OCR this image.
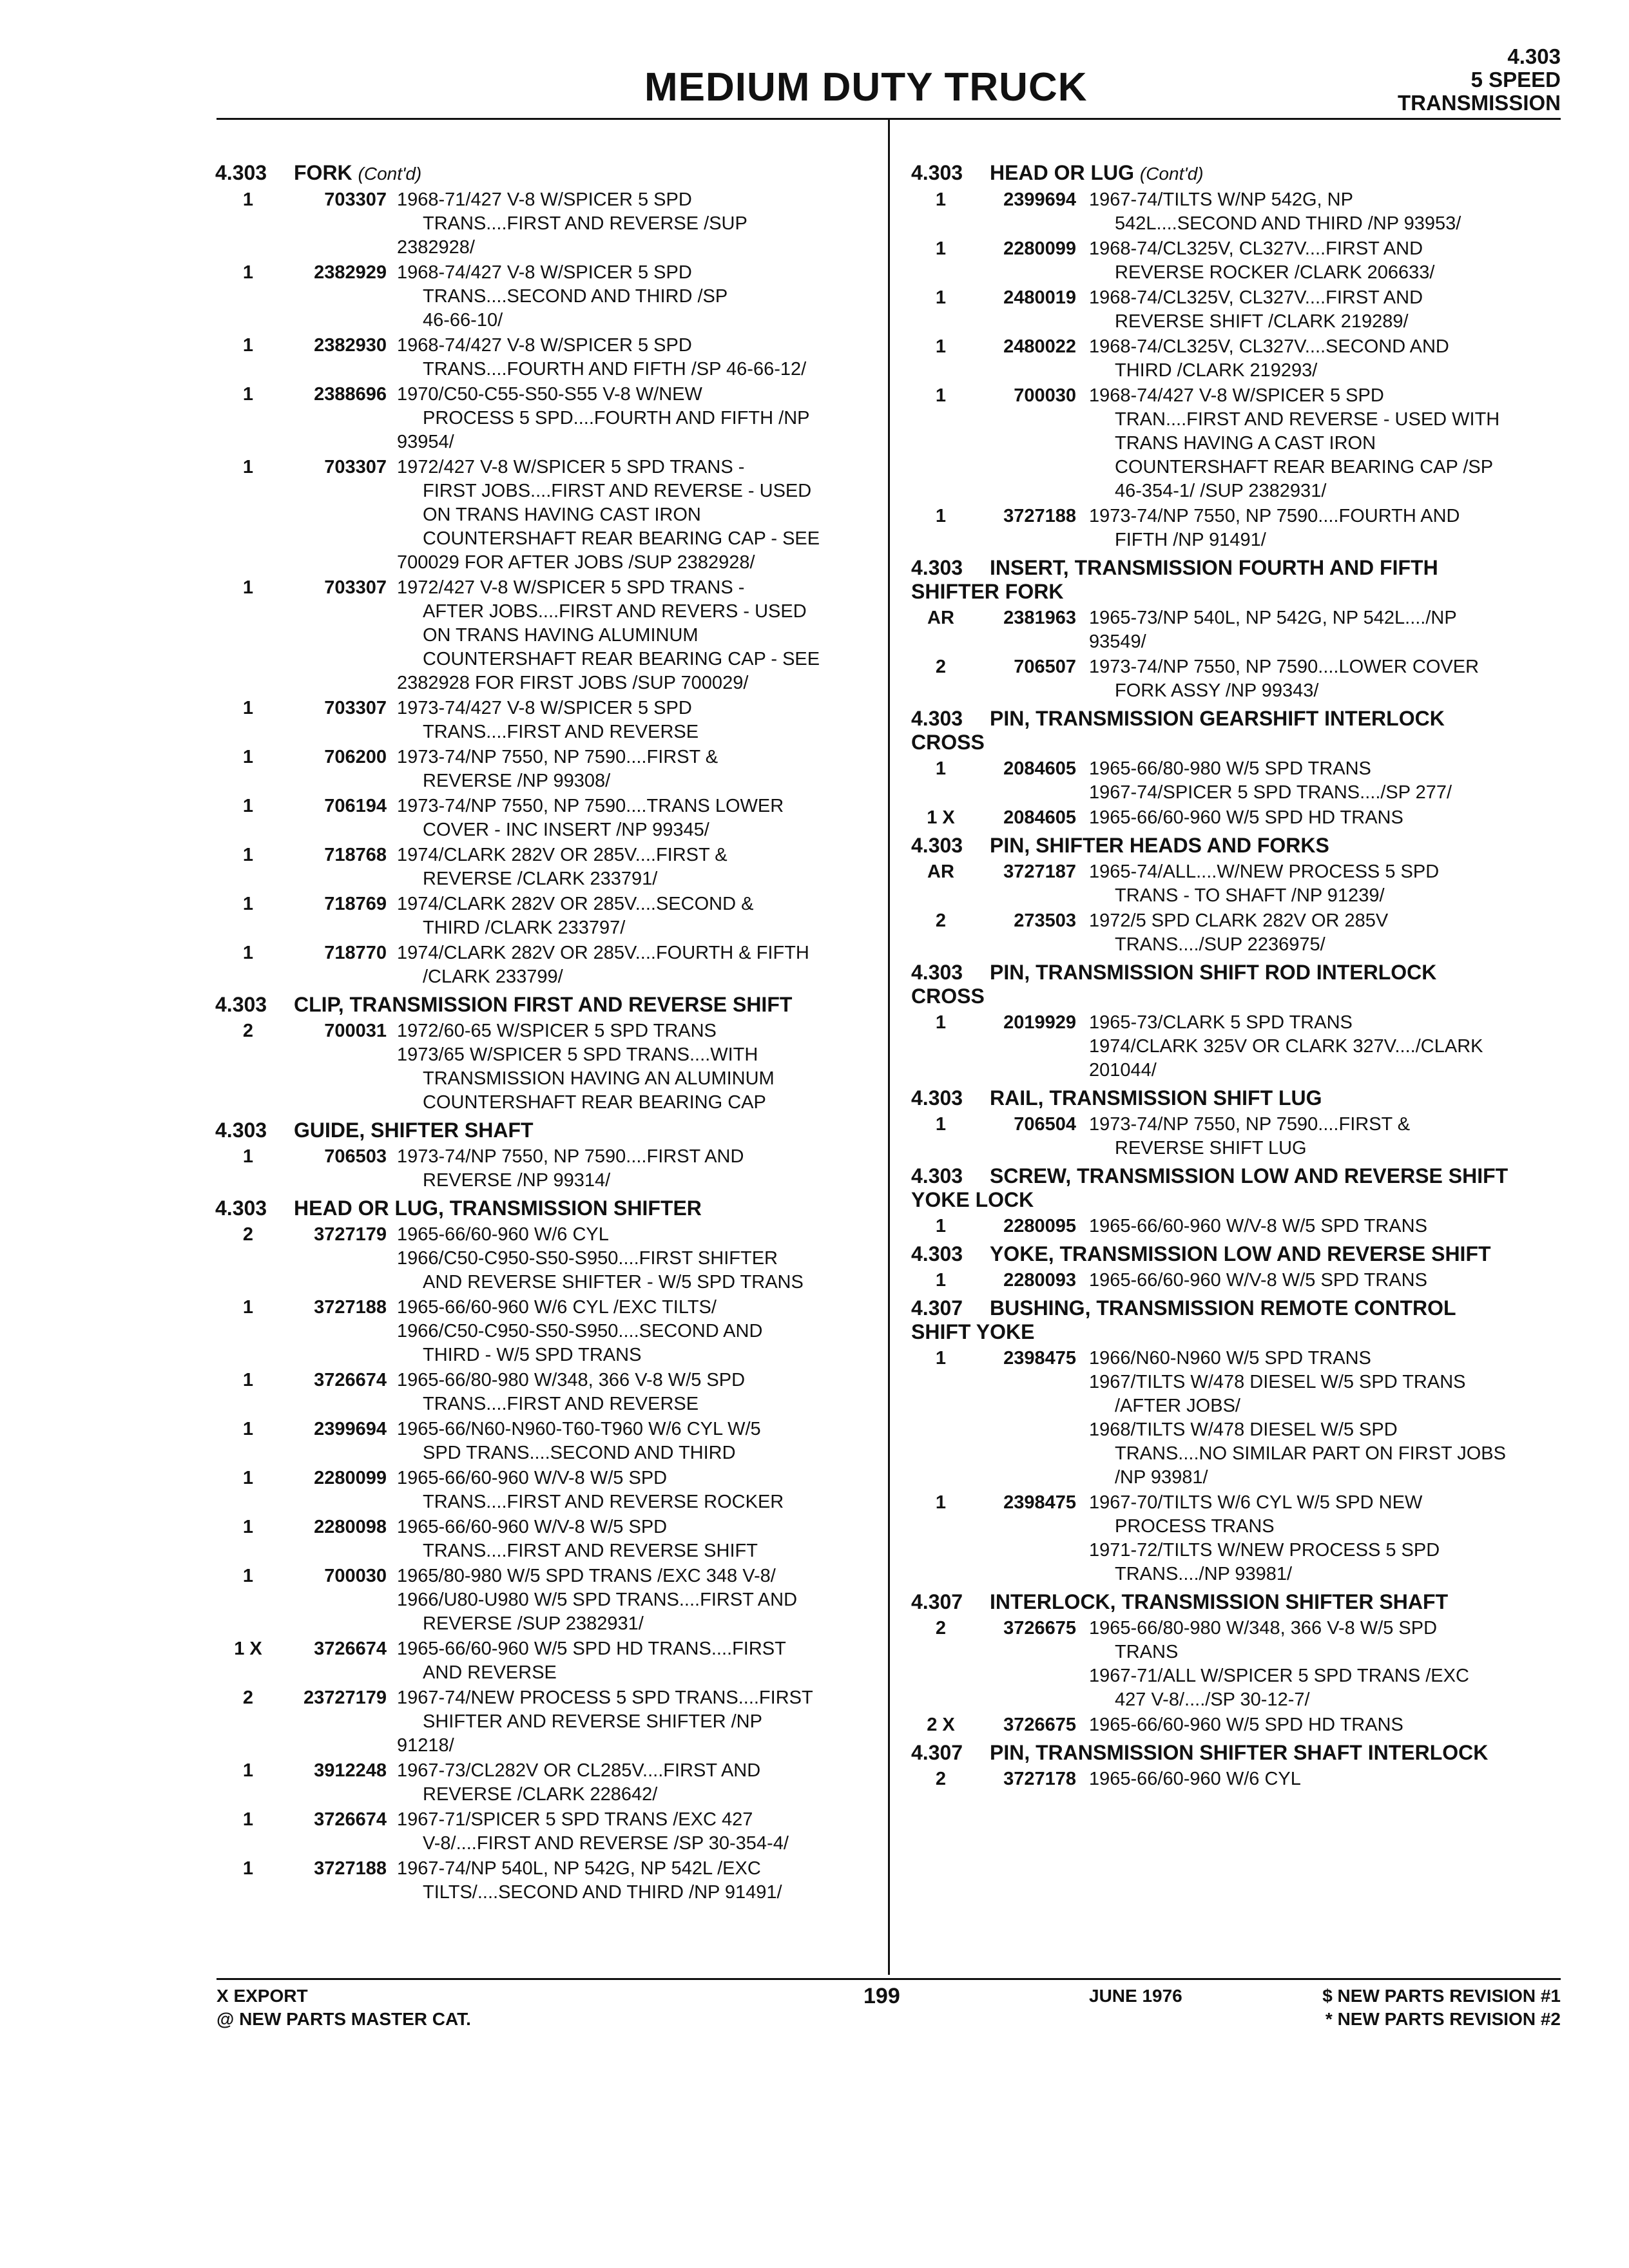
MEDIUM DUTY TRUCK
4.303
5 SPEED
TRANSMISSION
4.303 FORK (Cont'd)
1	703307 1968-71/427 V-8 W/SPICER 5 SPD
TRANS....FIRST AND REVERSE /SUP
2382928/
1	2382929 1968-74/427 V-8 W/SPICER 5 SPD
TRANS....SECOND AND THIRD /SP
46-66-10/
1	2382930 1968-74/427 V-8 W/SPICER 5 SPD
TRANS....FOURTH AND FIFTH /SP 46-66-12/
1	2388696 1970/C50-C55-S50-S55 V-8 W/NEW
PROCESS 5 SPD....FOURTH AND FIFTH /NP
93954/
1	703307 1972/427 V-8 W/SPICER 5 SPD TRANS -
FIRST JOBS....FIRST AND REVERSE - USED
ON TRANS HAVING CAST IRON
COUNTERSHAFT REAR BEARING CAP - SEE
700029 FOR AFTER JOBS /SUP 2382928/
1	703307 1972/427 V-8 W/SPICER 5 SPD TRANS -
AFTER JOBS....FIRST AND REVERS - USED
ON TRANS HAVING ALUMINUM
COUNTERSHAFT REAR BEARING CAP - SEE
2382928 FOR FIRST JOBS /SUP 700029/
1	703307 1973-74/427 V-8 W/SPICER 5 SPD
TRANS....FIRST AND REVERSE
1	706200 1973-74/NP 7550, NP 7590....FIRST &
REVERSE /NP 99308/
1	706194 1973-74/NP 7550, NP 7590....TRANS LOWER
COVER - INC INSERT /NP 99345/
1	718768 1974/CLARK 282V OR 285V....FIRST &
REVERSE /CLARK 233791/
1	718769 1974/CLARK 282V OR 285V....SECOND &
THIRD /CLARK 233797/
1	718770 1974/CLARK 282V OR 285V....FOURTH & FIFTH
/CLARK 233799/
4.303 CLIP, TRANSMISSION FIRST AND REVERSE SHIFT
2	700031 1972/60-65 W/SPICER 5 SPD TRANS
1973/65 W/SPICER 5 SPD TRANS....WITH
TRANSMISSION HAVING AN ALUMINUM
COUNTERSHAFT REAR BEARING CAP
4.303 GUIDE, SHIFTER SHAFT
1	706503 1973-74/NP 7550, NP 7590....FIRST AND
REVERSE /NP 99314/
4.303 HEAD OR LUG, TRANSMISSION SHIFTER
2	3727179 1965-66/60-960 W/6 CYL
1966/C50-C950-S50-S950....FIRST SHIFTER
AND REVERSE SHIFTER - W/5 SPD TRANS
1	3727188 1965-66/60-960 W/6 CYL /EXC TILTS/
1966/C50-C950-S50-S950....SECOND AND
THIRD - W/5 SPD TRANS
1	3726674 1965-66/80-980 W/348, 366 V-8 W/5 SPD
TRANS....FIRST AND REVERSE
1	2399694 1965-66/N60-N960-T60-T960 W/6 CYL W/5
SPD TRANS....SECOND AND THIRD
1	2280099 1965-66/60-960 W/V-8 W/5 SPD
TRANS....FIRST AND REVERSE ROCKER
1	2280098 1965-66/60-960 W/V-8 W/5 SPD
TRANS....FIRST AND REVERSE SHIFT
1	700030 1965/80-980 W/5 SPD TRANS /EXC 348 V-8/
1966/U80-U980 W/5 SPD TRANS....FIRST AND
REVERSE /SUP 2382931/
1 X	3726674 1965-66/60-960 W/5 SPD HD TRANS....FIRST
AND REVERSE
2	23727179 1967-74/NEW PROCESS 5 SPD TRANS....FIRST
SHIFTER AND REVERSE SHIFTER /NP
91218/
1	3912248 1967-73/CL282V OR CL285V....FIRST AND
REVERSE /CLARK 228642/
1	3726674 1967-71/SPICER 5 SPD TRANS /EXC 427
V-8/....FIRST AND REVERSE /SP 30-354-4/
1	3727188 1967-74/NP 540L, NP 542G, NP 542L /EXC
TILTS/....SECOND AND THIRD /NP 91491/
4.303 HEAD OR LUG (Cont'd)
1	2399694 1967-74/TILTS W/NP 542G, NP
542L....SECOND AND THIRD /NP 93953/
1	2280099 1968-74/CL325V, CL327V....FIRST AND
REVERSE ROCKER /CLARK 206633/
1	2480019 1968-74/CL325V, CL327V....FIRST AND
REVERSE SHIFT /CLARK 219289/
1	2480022 1968-74/CL325V, CL327V....SECOND AND
THIRD /CLARK 219293/
1	700030 1968-74/427 V-8 W/SPICER 5 SPD
TRAN....FIRST AND REVERSE - USED WITH
TRANS HAVING A CAST IRON
COUNTERSHAFT REAR BEARING CAP /SP
46-354-1/ /SUP 2382931/
1	3727188 1973-74/NP 7550, NP 7590....FOURTH AND
FIFTH /NP 91491/
4.303 INSERT, TRANSMISSION FOURTH AND FIFTH
SHIFTER FORK
AR	2381963 1965-73/NP 540L, NP 542G, NP 542L..../NP
93549/
2	706507 1973-74/NP 7550, NP 7590....LOWER COVER
FORK ASSY /NP 99343/
4.303 PIN, TRANSMISSION GEARSHIFT INTERLOCK
CROSS
1	2084605 1965-66/80-980 W/5 SPD TRANS
1967-74/SPICER 5 SPD TRANS..../SP 277/
1 X	2084605 1965-66/60-960 W/5 SPD HD TRANS
4.303 PIN, SHIFTER HEADS AND FORKS
AR	3727187 1965-74/ALL....W/NEW PROCESS 5 SPD
TRANS - TO SHAFT /NP 91239/
2	273503 1972/5 SPD CLARK 282V OR 285V
TRANS..../SUP 2236975/
4.303 PIN, TRANSMISSION SHIFT ROD INTERLOCK
CROSS
1	2019929 1965-73/CLARK 5 SPD TRANS
1974/CLARK 325V OR CLARK 327V..../CLARK
201044/
4.303 RAIL, TRANSMISSION SHIFT LUG
1	706504 1973-74/NP 7550, NP 7590....FIRST &
REVERSE SHIFT LUG
4.303 SCREW, TRANSMISSION LOW AND REVERSE SHIFT
YOKE LOCK
1	2280095 1965-66/60-960 W/V-8 W/5 SPD TRANS
4.303 YOKE, TRANSMISSION LOW AND REVERSE SHIFT
1	2280093 1965-66/60-960 W/V-8 W/5 SPD TRANS
4.307 BUSHING, TRANSMISSION REMOTE CONTROL
SHIFT YOKE
1	2398475 1966/N60-N960 W/5 SPD TRANS
1967/TILTS W/478 DIESEL W/5 SPD TRANS
/AFTER JOBS/
1968/TILTS W/478 DIESEL W/5 SPD
TRANS....NO SIMILAR PART ON FIRST JOBS
/NP 93981/
1	2398475 1967-70/TILTS W/6 CYL W/5 SPD NEW
PROCESS TRANS
1971-72/TILTS W/NEW PROCESS 5 SPD
TRANS..../NP 93981/
4.307 INTERLOCK, TRANSMISSION SHIFTER SHAFT
2	3726675 1965-66/80-980 W/348, 366 V-8 W/5 SPD
TRANS
1967-71/ALL W/SPICER 5 SPD TRANS /EXC
427 V-8/..../SP 30-12-7/
2 X	3726675 1965-66/60-960 W/5 SPD HD TRANS
4.307 PIN, TRANSMISSION SHIFTER SHAFT INTERLOCK
2	3727178 1965-66/60-960 W/6 CYL
X EXPORT
@ NEW PARTS MASTER CAT.
199	JUNE 1976	$ NEW PARTS REVISION #1
* NEW PARTS REVISION #2
